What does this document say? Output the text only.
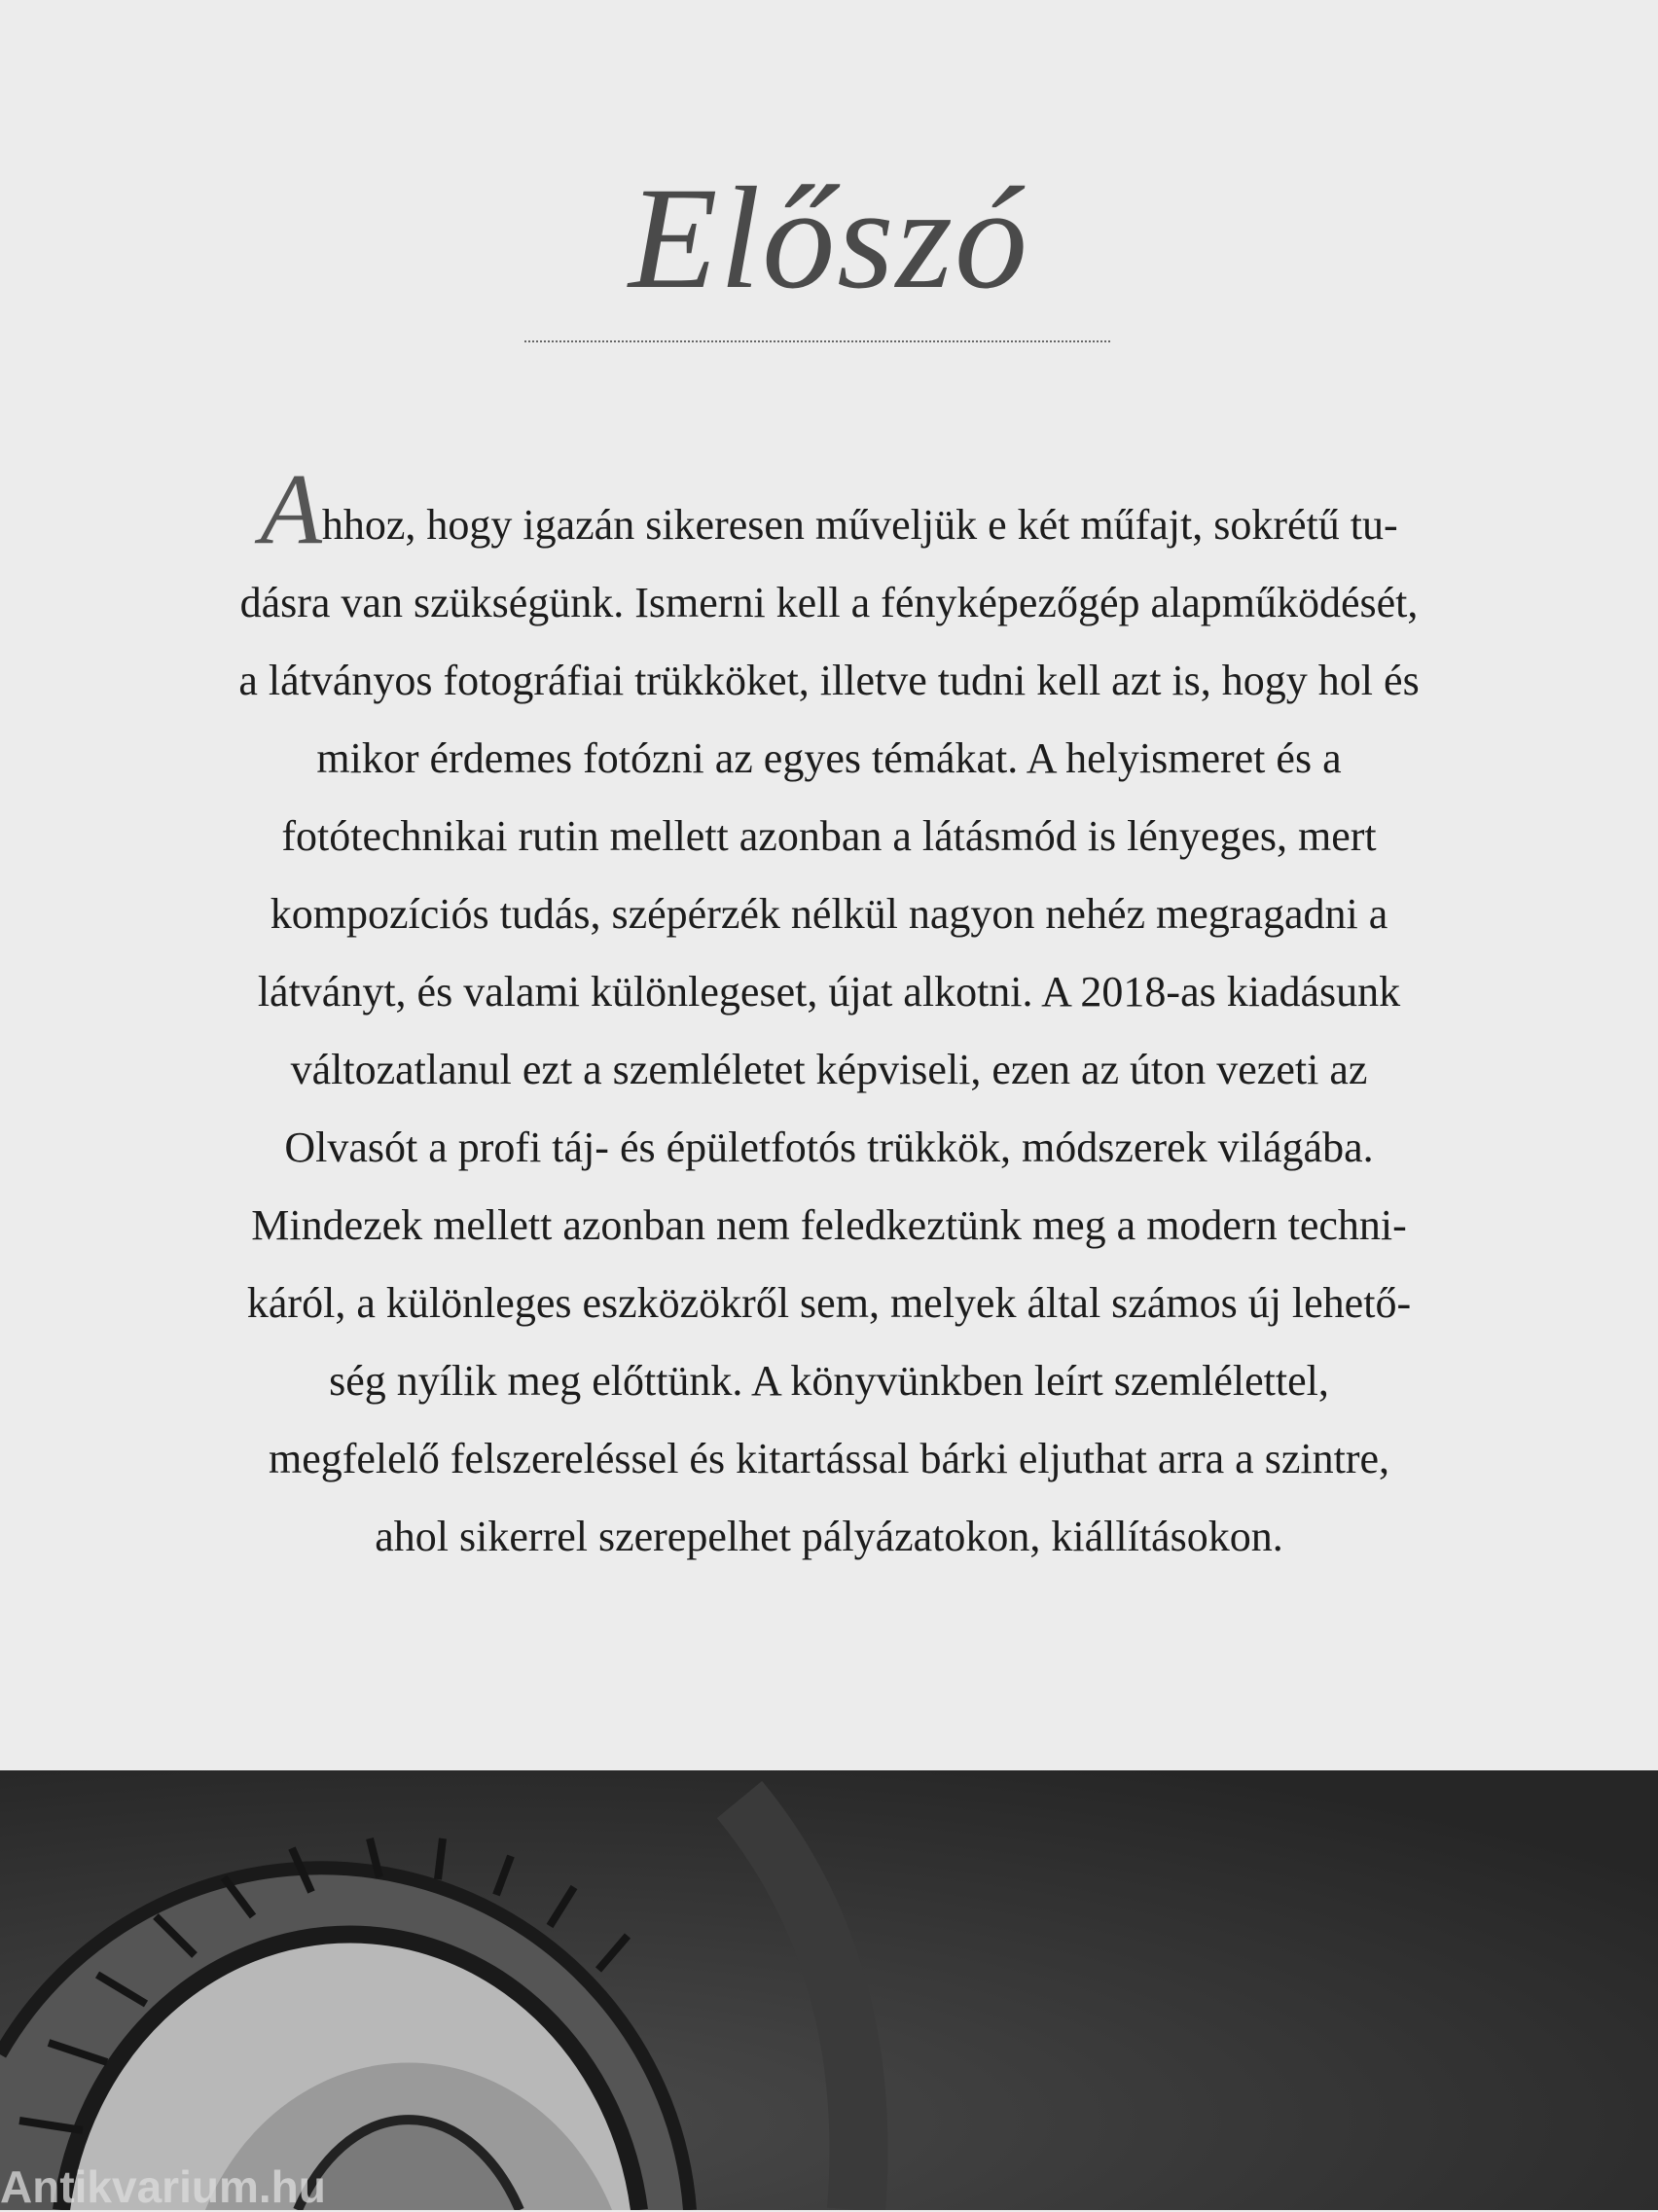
Előszó
Ahhoz, hogy igazán sikeresen műveljük e két műfajt, sokrétű tu-
dásra van szükségünk. Ismerni kell a fényképezőgép alapműködését,
a látványos fotográfiai trükköket, illetve tudni kell azt is, hogy hol és
mikor érdemes fotózni az egyes témákat. A helyismeret és a
fotótechnikai rutin mellett azonban a látásmód is lényeges, mert
kompozíciós tudás, szépérzék nélkül nagyon nehéz megragadni a
látványt, és valami különlegeset, újat alkotni. A 2018-as kiadásunk
változatlanul ezt a szemléletet képviseli, ezen az úton vezeti az
Olvasót a profi táj- és épületfotós trükkök, módszerek világába.
Mindezek mellett azonban nem feledkeztünk meg a modern techni-
káról, a különleges eszközökről sem, melyek által számos új lehető-
ség nyílik meg előttünk. A könyvünkben leírt szemlélettel,
megfelelő felszereléssel és kitartással bárki eljuthat arra a szintre,
ahol sikerrel szerepelhet pályázatokon, kiállításokon.
Antikvarium.hu
